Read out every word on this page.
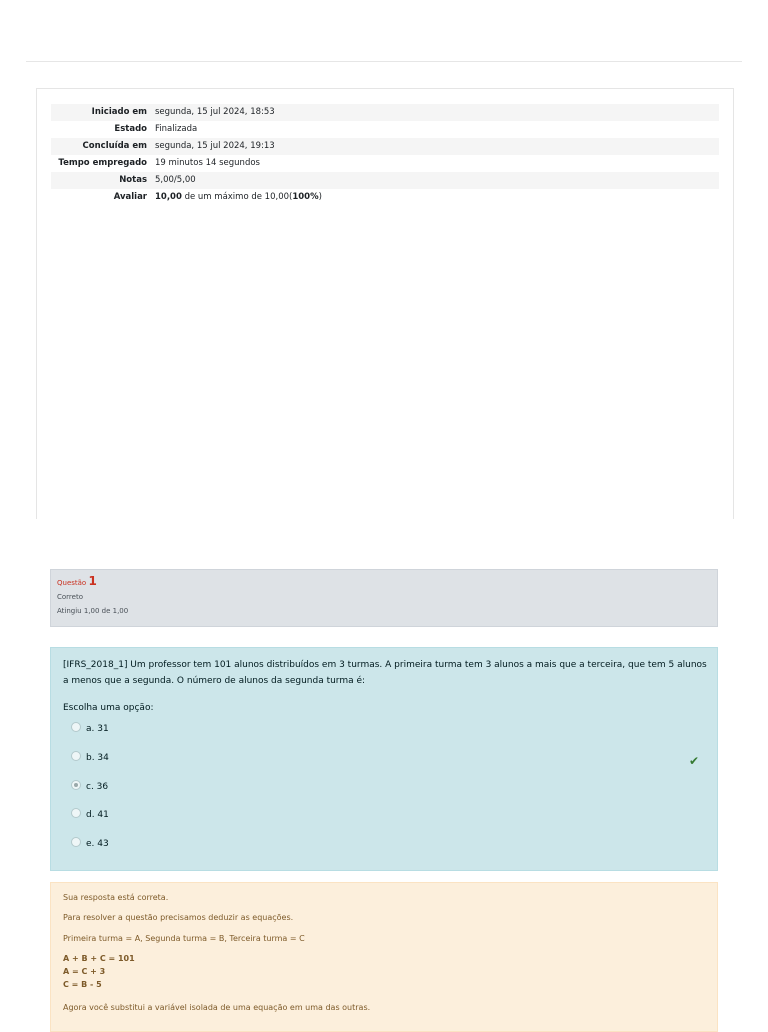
Iniciado em	segunda, 15 jul 2024, 18:53
Estado	Finalizada
Concluída em	segunda, 15 jul 2024, 19:13
Tempo empregado	19 minutos 14 segundos
Notas	5,00/5,00
Avaliar	10,00 de um máximo de 10,00(100%)
Questão 1
Correto
Atingiu 1,00 de 1,00
[IFRS_2018_1] Um professor tem 101 alunos distribuídos em 3 turmas. A primeira turma tem 3 alunos a mais que a terceira, que tem 5 alunos a menos que a segunda. O número de alunos da segunda turma é:
Escolha uma opção:
a. 31
b. 34
c. 36
d. 41
e. 43
✔
Sua resposta está correta.
Para resolver a questão precisamos deduzir as equações.
Primeira turma = A, Segunda turma = B, Terceira turma = C
A + B + C = 101
A = C + 3
C = B - 5
Agora você substitui a variável isolada de uma equação em uma das outras.
